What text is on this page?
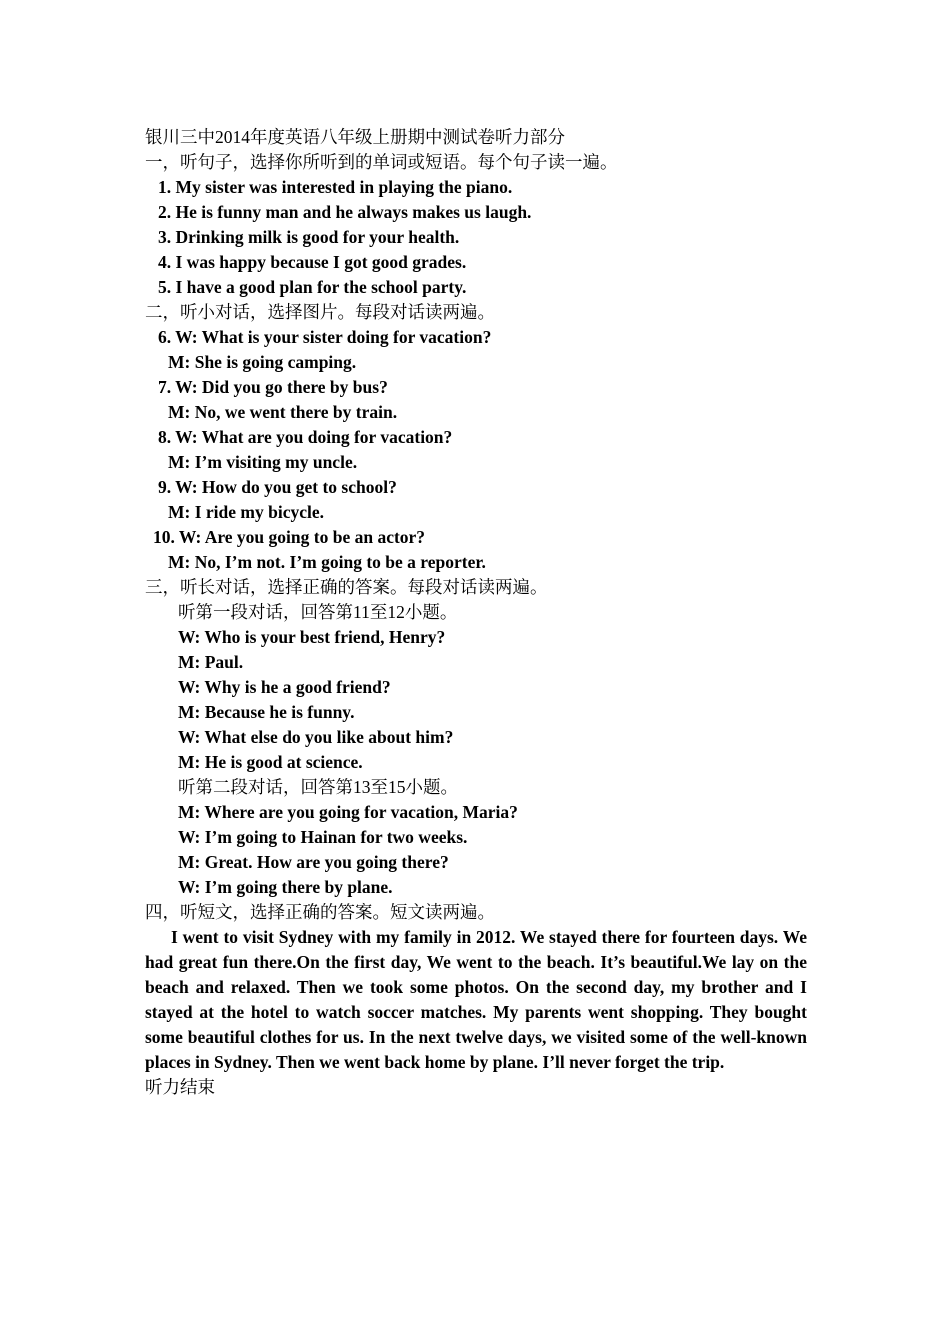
银川三中2014年度英语八年级上册期中测试卷听力部分
一，听句子，选择你所听到的单词或短语。每个句子读一遍。
1. My sister was interested in playing the piano.
2. He is funny man and he always makes us laugh.
3. Drinking milk is good for your health.
4. I was happy because I got good grades.
5. I have a good plan for the school party.
二，听小对话，选择图片。每段对话读两遍。
6. W: What is your sister doing for vacation?
M: She is going camping.
7. W: Did you go there by bus?
M: No, we went there by train.
8. W: What are you doing for vacation?
M: I’m visiting my uncle.
9. W: How do you get to school?
M: I ride my bicycle.
10. W: Are you going to be an actor?
M: No, I’m not. I’m going to be a reporter.
三，听长对话，选择正确的答案。每段对话读两遍。
听第一段对话，回答第11至12小题。
W: Who is your best friend, Henry?
M: Paul.
W: Why is he a good friend?
M: Because he is funny.
W: What else do you like about him?
M: He is good at science.
听第二段对话，回答第13至15小题。
M: Where are you going for vacation, Maria?
W: I’m going to Hainan for two weeks.
M: Great. How are you going there?
W: I’m going there by plane.
四，听短文，选择正确的答案。短文读两遍。
I went to visit Sydney with my family in 2012. We stayed there for fourteen days. We had great fun there.On the first day, We went to the beach. It’s beautiful.We lay on the beach and relaxed. Then we took some photos. On the second day, my brother and I stayed at the hotel to watch soccer matches. My parents went shopping. They bought some beautiful clothes for us. In the next twelve days, we visited some of the well-known places in Sydney. Then we went back home by plane. I’ll never forget the trip.
听力结束
